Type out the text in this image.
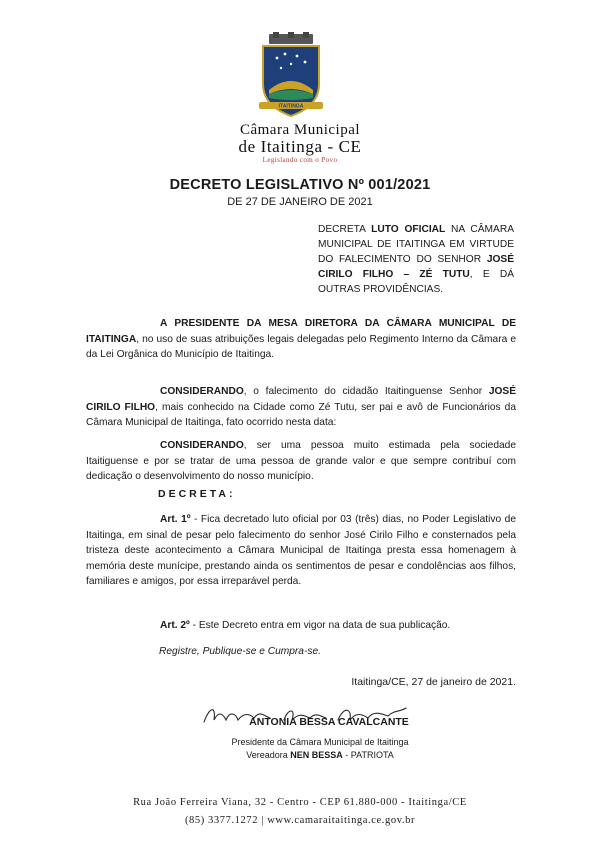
ITAITINGA
Câmara Municipal
de Itaitinga - CE
Legislando com o Povo
DECRETO LEGISLATIVO Nº 001/2021
DE 27 DE JANEIRO DE 2021
DECRETA LUTO OFICIAL NA CÂMARA MUNICIPAL DE ITAITINGA EM VIRTUDE DO FALECIMENTO DO SENHOR JOSÉ CIRILO FILHO – ZÉ TUTU, E DÁ OUTRAS PROVIDÊNCIAS.
A PRESIDENTE DA MESA DIRETORA DA CÂMARA MUNICIPAL DE ITAITINGA, no uso de suas atribuições legais delegadas pelo Regimento Interno da Câmara e da Lei Orgânica do Município de Itaitinga.
CONSIDERANDO, o falecimento do cidadão Itaitinguense Senhor JOSÉ CIRILO FILHO, mais conhecido na Cidade como Zé Tutu, ser pai e avô de Funcionários da Câmara Municipal de Itaitinga, fato ocorrido nesta data:
CONSIDERANDO, ser uma pessoa muito estimada pela sociedade Itaitiguense e por se tratar de uma pessoa de grande valor e que sempre contribuí com dedicação o desenvolvimento do nosso município.
DECRETA:
Art. 1º - Fica decretado luto oficial por 03 (três) dias, no Poder Legislativo de Itaitinga, em sinal de pesar pelo falecimento do senhor José Cirilo Filho e consternados pela tristeza deste acontecimento a Câmara Municipal de Itaitinga presta essa homenagem à memória deste munícipe, prestando ainda os sentimentos de pesar e condolências aos filhos, familiares e amigos, por essa irreparável perda.
Art. 2º - Este Decreto entra em vigor na data de sua publicação.
Registre, Publique-se e Cumpra-se.
Itaitinga/CE, 27 de janeiro de 2021.
ANTONIA BESSA CAVALCANTE
Presidente da Câmara Municipal de Itaitinga
Vereadora NEN BESSA - PATRIOTA
Rua João Ferreira Viana, 32 - Centro - CEP 61.880-000 - Itaitinga/CE
(85) 3377.1272 | www.camaraitaitinga.ce.gov.br
